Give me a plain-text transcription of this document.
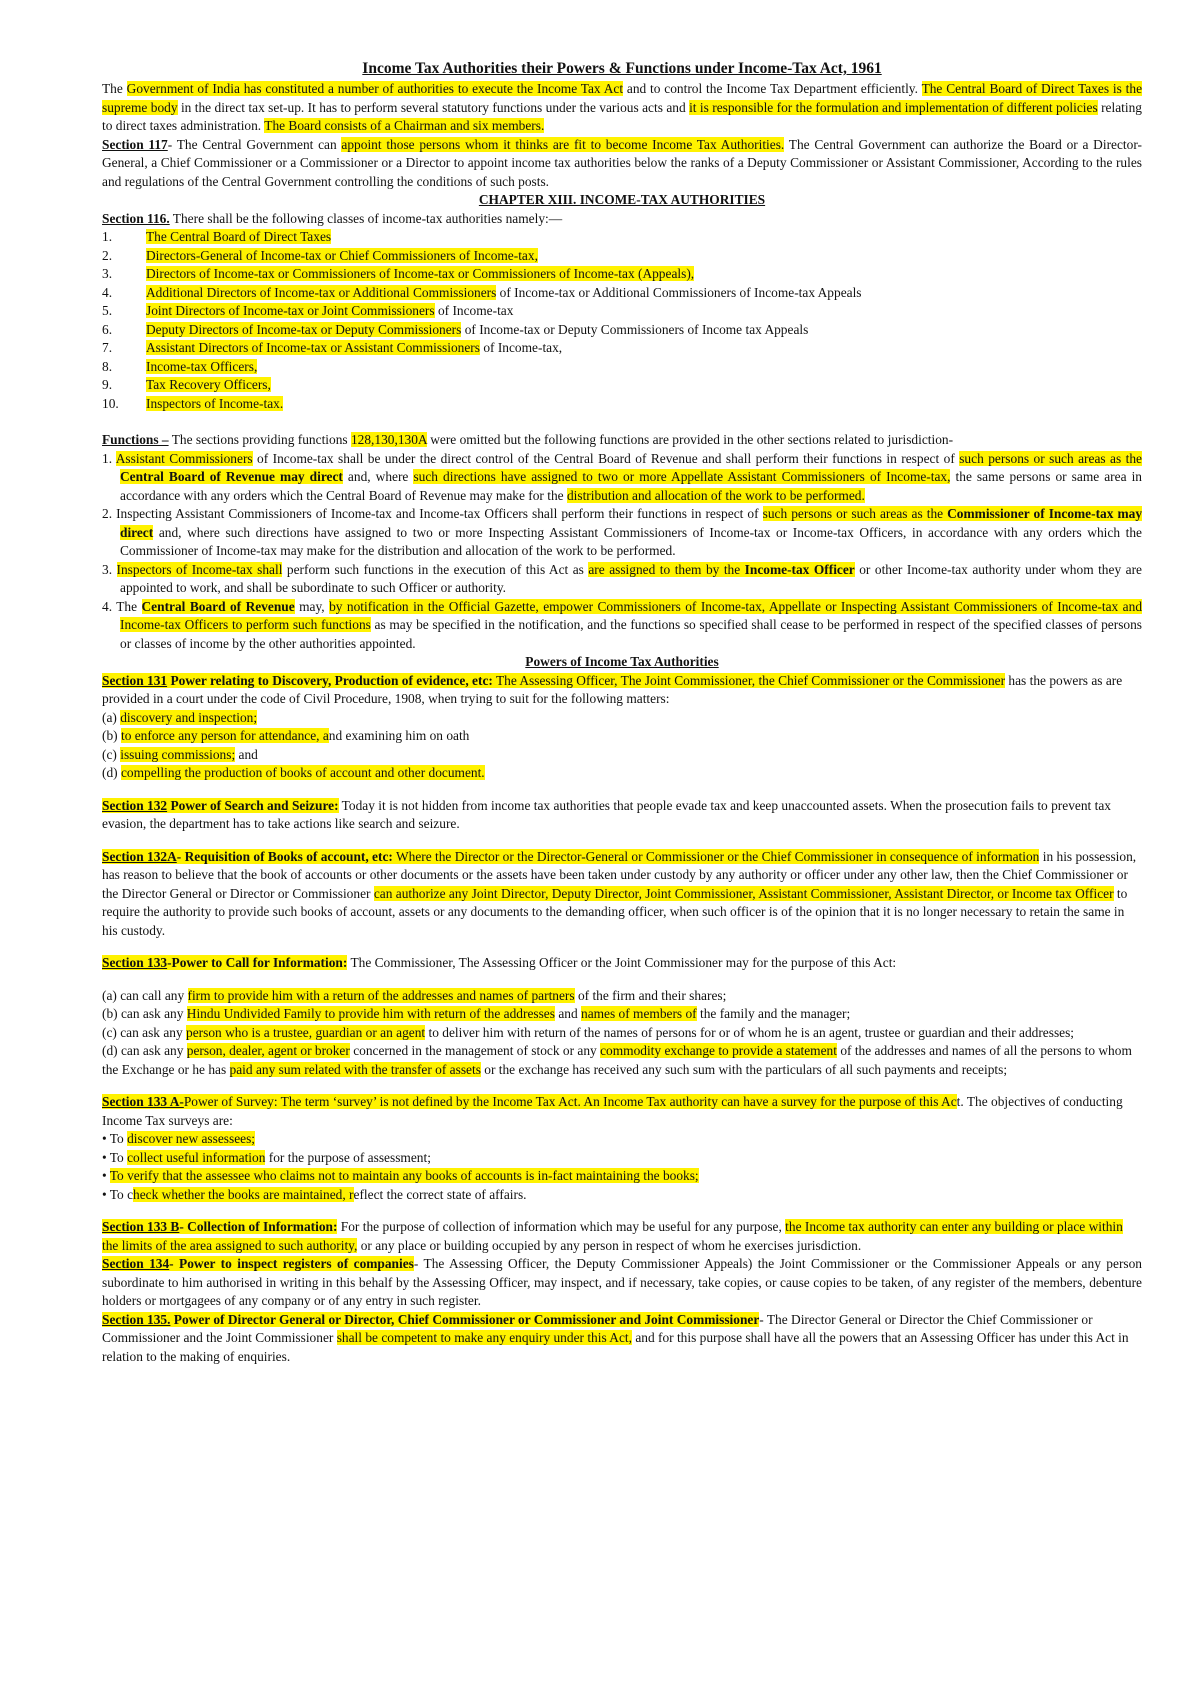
Income Tax Authorities their Powers & Functions under Income-Tax Act, 1961

The Government of India has constituted a number of authorities to execute the Income Tax Act and to control the Income Tax Department efficiently. The Central Board of Direct Taxes is the supreme body in the direct tax set-up. It has to perform several statutory functions under the various acts and it is responsible for the formulation and implementation of different policies relating to direct taxes administration. The Board consists of a Chairman and six members.

Section 117- The Central Government can appoint those persons whom it thinks are fit to become Income Tax Authorities. The Central Government can authorize the Board or a Director-General, a Chief Commissioner or a Commissioner or a Director to appoint income tax authorities below the ranks of a Deputy Commissioner or Assistant Commissioner, According to the rules and regulations of the Central Government controlling the conditions of such posts.

CHAPTER XIII. INCOME-TAX AUTHORITIES

Section 116. There shall be the following classes of income-tax authorities namely:—

1.	The Central Board of Direct Taxes
2.	Directors-General of Income-tax or Chief Commissioners of Income-tax,
3.	Directors of Income-tax or Commissioners of Income-tax or Commissioners of Income-tax (Appeals),
4.	Additional Directors of Income-tax or Additional Commissioners of Income-tax or Additional Commissioners of Income-tax Appeals
5.	Joint Directors of Income-tax or Joint Commissioners of Income-tax
6.	Deputy Directors of Income-tax or Deputy Commissioners of Income-tax or Deputy Commissioners of Income tax Appeals
7.	Assistant Directors of Income-tax or Assistant Commissioners of Income-tax,
8.	Income-tax Officers,
9.	Tax Recovery Officers,
10.	Inspectors of Income-tax.

Functions – The sections providing functions 128,130,130A were omitted but the following functions are provided in the other sections related to jurisdiction-

1. Assistant Commissioners of Income-tax shall be under the direct control of the Central Board of Revenue and shall perform their functions in respect of such persons or such areas as the Central Board of Revenue may direct and, where such directions have assigned to two or more Appellate Assistant Commissioners of Income-tax, the same persons or same area in accordance with any orders which the Central Board of Revenue may make for the distribution and allocation of the work to be performed.

2. Inspecting Assistant Commissioners of Income-tax and Income-tax Officers shall perform their functions in respect of such persons or such areas as the Commissioner of Income-tax may direct and, where such directions have assigned to two or more Inspecting Assistant Commissioners of Income-tax or Income-tax Officers, in accordance with any orders which the Commissioner of Income-tax may make for the distribution and allocation of the work to be performed.

3. Inspectors of Income-tax shall perform such functions in the execution of this Act as are assigned to them by the Income-tax Officer or other Income-tax authority under whom they are appointed to work, and shall be subordinate to such Officer or authority.

4. The Central Board of Revenue may, by notification in the Official Gazette, empower Commissioners of Income-tax, Appellate or Inspecting Assistant Commissioners of Income-tax and Income-tax Officers to perform such functions as may be specified in the notification, and the functions so specified shall cease to be performed in respect of the specified classes of persons or classes of income by the other authorities appointed.

Powers of Income Tax Authorities

Section 131 Power relating to Discovery, Production of evidence, etc: The Assessing Officer, The Joint Commissioner, the Chief Commissioner or the Commissioner has the powers as are provided in a court under the code of Civil Procedure, 1908, when trying to suit for the following matters:

(a) discovery and inspection;

(b) to enforce any person for attendance, and examining him on oath

(c) issuing commissions; and

(d) compelling the production of books of account and other document.

Section 132 Power of Search and Seizure: Today it is not hidden from income tax authorities that people evade tax and keep unaccounted assets. When the prosecution fails to prevent tax evasion, the department has to take actions like search and seizure.

Section 132A- Requisition of Books of account, etc: Where the Director or the Director-General or Commissioner or the Chief Commissioner in consequence of information in his possession, has reason to believe that the book of accounts or other documents or the assets have been taken under custody by any authority or officer under any other law, then the Chief Commissioner or the Director General or Director or Commissioner can authorize any Joint Director, Deputy Director, Joint Commissioner, Assistant Commissioner, Assistant Director, or Income tax Officer to require the authority to provide such books of account, assets or any documents to the demanding officer, when such officer is of the opinion that it is no longer necessary to retain the same in his custody.

Section 133-Power to Call for Information: The Commissioner, The Assessing Officer or the Joint Commissioner may for the purpose of this Act:

(a) can call any firm to provide him with a return of the addresses and names of partners of the firm and their shares;

(b) can ask any Hindu Undivided Family to provide him with return of the addresses and names of members of the family and the manager;

(c) can ask any person who is a trustee, guardian or an agent to deliver him with return of the names of persons for or of whom he is an agent, trustee or guardian and their addresses;

(d) can ask any person, dealer, agent or broker concerned in the management of stock or any commodity exchange to provide a statement of the addresses and names of all the persons to whom the Exchange or he has paid any sum related with the transfer of assets or the exchange has received any such sum with the particulars of all such payments and receipts;

Section 133 A-Power of Survey: The term ‘survey’ is not defined by the Income Tax Act. An Income Tax authority can have a survey for the purpose of this Act. The objectives of conducting Income Tax surveys are:

• To discover new assessees;

• To collect useful information for the purpose of assessment;

• To verify that the assessee who claims not to maintain any books of accounts is in-fact maintaining the books;

• To check whether the books are maintained, reflect the correct state of affairs.

Section 133 B- Collection of Information: For the purpose of collection of information which may be useful for any purpose, the Income tax authority can enter any building or place within the limits of the area assigned to such authority, or any place or building occupied by any person in respect of whom he exercises jurisdiction.

Section 134- Power to inspect registers of companies- The Assessing Officer, the Deputy Commissioner Appeals) the Joint Commissioner or the Commissioner Appeals or any person subordinate to him authorised in writing in this behalf by the Assessing Officer, may inspect, and if necessary, take copies, or cause copies to be taken, of any register of the members, debenture holders or mortgagees of any company or of any entry in such register.

Section 135. Power of Director General or Director, Chief Commissioner or Commissioner and Joint Commissioner- The Director General or Director the Chief Commissioner or Commissioner and the Joint Commissioner shall be competent to make any enquiry under this Act, and for this purpose shall have all the powers that an Assessing Officer has under this Act in relation to the making of enquiries.
